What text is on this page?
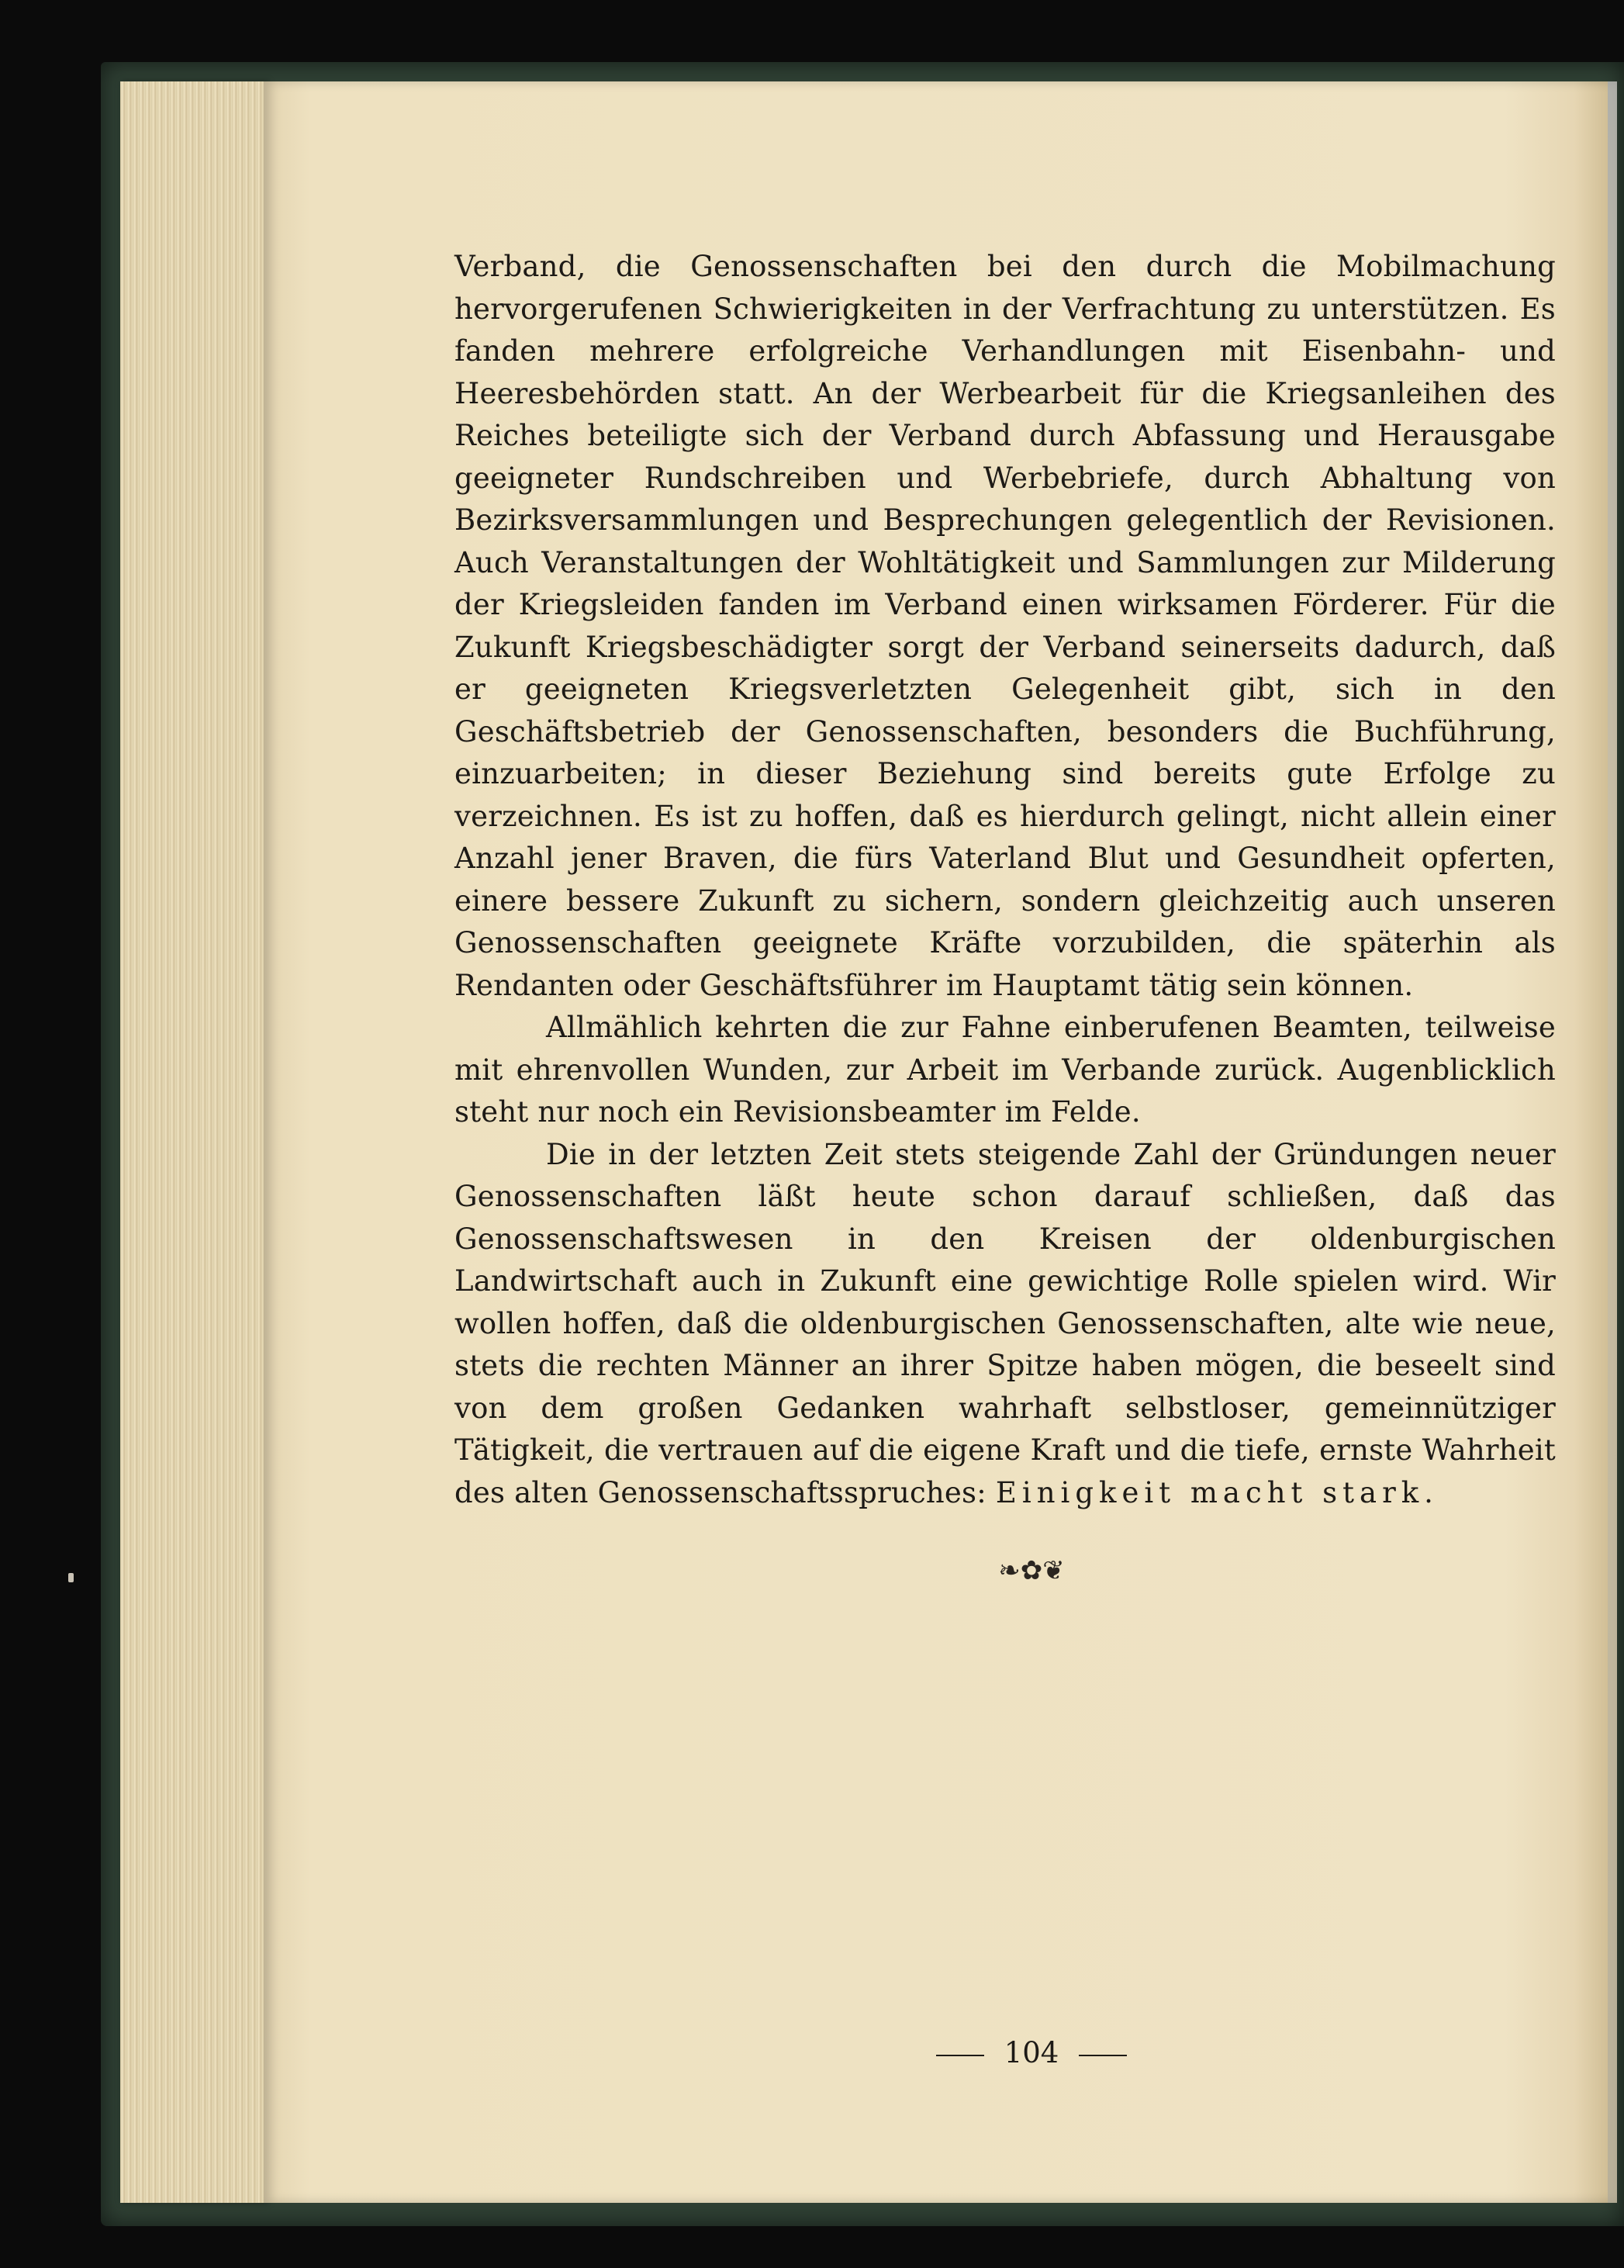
Verband, die Genossenschaften bei den durch die Mobilmachung hervorgerufenen Schwierigkeiten in der Verfrachtung zu unterstützen. Es fanden mehrere erfolgreiche Verhandlungen mit Eisenbahn- und Heeresbehörden statt. An der Werbearbeit für die Kriegsanleihen des Reiches beteiligte sich der Verband durch Abfassung und Herausgabe geeigneter Rundschreiben und Werbebriefe, durch Abhaltung von Bezirksversammlungen und Besprechungen gelegentlich der Revisionen. Auch Veranstaltungen der Wohltätigkeit und Sammlungen zur Milderung der Kriegsleiden fanden im Verband einen wirksamen Förderer. Für die Zukunft Kriegsbeschädigter sorgt der Verband seinerseits dadurch, daß er geeigneten Kriegsverletzten Gelegenheit gibt, sich in den Geschäftsbetrieb der Genossenschaften, besonders die Buchführung, einzuarbeiten; in dieser Beziehung sind bereits gute Erfolge zu verzeichnen. Es ist zu hoffen, daß es hierdurch gelingt, nicht allein einer Anzahl jener Braven, die fürs Vaterland Blut und Gesundheit opferten, einere bessere Zukunft zu sichern, sondern gleichzeitig auch unseren Genossenschaften geeignete Kräfte vorzubilden, die späterhin als Rendanten oder Geschäftsführer im Hauptamt tätig sein können.

Allmählich kehrten die zur Fahne einberufenen Beamten, teilweise mit ehrenvollen Wunden, zur Arbeit im Verbande zurück. Augenblicklich steht nur noch ein Revisionsbeamter im Felde.

Die in der letzten Zeit stets steigende Zahl der Gründungen neuer Genossenschaften läßt heute schon darauf schließen, daß das Genossenschaftswesen in den Kreisen der oldenburgischen Landwirtschaft auch in Zukunft eine gewichtige Rolle spielen wird. Wir wollen hoffen, daß die oldenburgischen Genossenschaften, alte wie neue, stets die rechten Männer an ihrer Spitze haben mögen, die beseelt sind von dem großen Gedanken wahrhaft selbstloser, gemeinnütziger Tätigkeit, die vertrauen auf die eigene Kraft und die tiefe, ernste Wahrheit des alten Genossenschaftsspruches: Einigkeit macht stark.

❧✿❦
104
